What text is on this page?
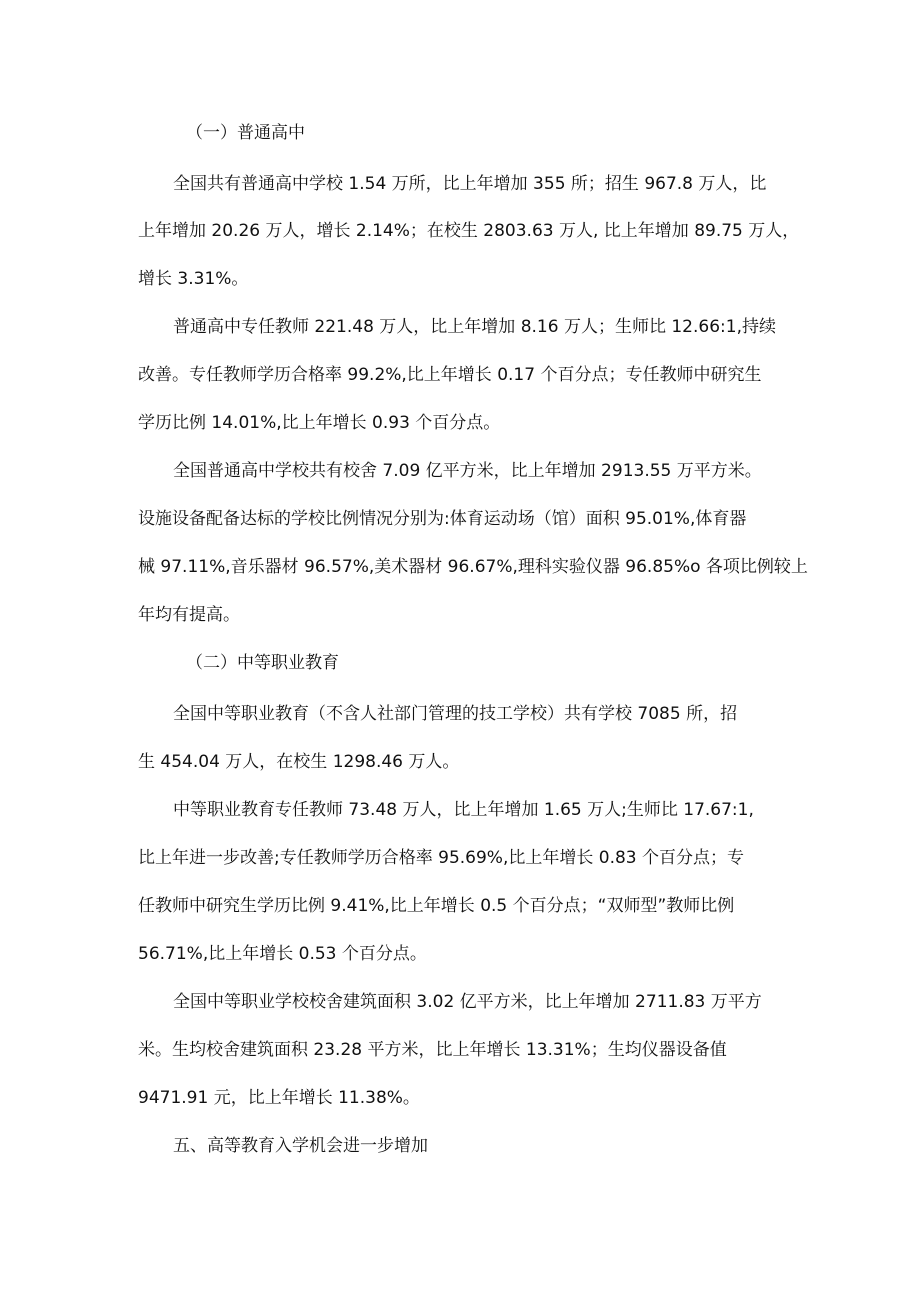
（一）普通高中
全国共有普通高中学校 1.54 万所，比上年增加 355 所；招生 967.8 万人，比
上年增加 20.26 万人，增长 2.14%；在校生 2803.63 万人, 比上年增加 89.75 万人，
增长 3.31%。
普通高中专任教师 221.48 万人，比上年增加 8.16 万人；生师比 12.66:1,持续
改善。专任教师学历合格率 99.2%,比上年增长 0.17 个百分点；专任教师中研究生
学历比例 14.01%,比上年增长 0.93 个百分点。
全国普通高中学校共有校舍 7.09 亿平方米，比上年增加 2913.55 万平方米。
设施设备配备达标的学校比例情况分别为:体育运动场（馆）面积 95.01%,体育器
械 97.11%,音乐器材 96.57%,美术器材 96.67%,理科实验仪器 96.85%o 各项比例较上
年均有提高。
（二）中等职业教育
全国中等职业教育（不含人社部门管理的技工学校）共有学校 7085 所，招
生 454.04 万人，在校生 1298.46 万人。
中等职业教育专任教师 73.48 万人，比上年增加 1.65 万人;生师比 17.67:1,
比上年进一步改善;专任教师学历合格率 95.69%,比上年增长 0.83 个百分点；专
任教师中研究生学历比例 9.41%,比上年增长 0.5 个百分点；“双师型”教师比例
56.71%,比上年增长 0.53 个百分点。
全国中等职业学校校舍建筑面积 3.02 亿平方米，比上年增加 2711.83 万平方
米。生均校舍建筑面积 23.28 平方米，比上年增长 13.31%；生均仪器设备值
9471.91 元，比上年增长 11.38%。
五、高等教育入学机会进一步增加
